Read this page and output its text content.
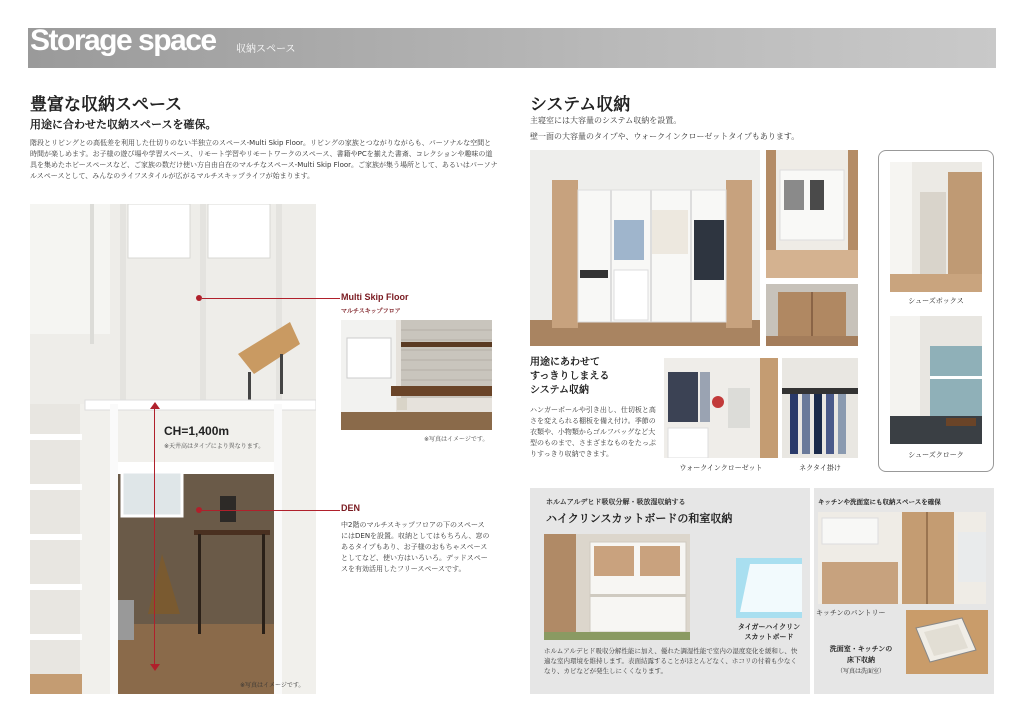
Storage space 収納スペース
豊富な収納スペース
用途に合わせた収納スペースを確保。
階段とリビングとの高低差を利用した仕切りのない半独立のスペース-Multi Skip Floor。リビングの家族とつながりながらも、パーソナルな空間と時間が楽しめます。お子様の遊び場や学習スペース、リモート学習やリモートワークのスペース、書籍やPCを揃えた書斎、コレクションや趣味の道具を集めたホビースペースなど、ご家族の数だけ使い方自由自在のマルチなスペース-Multi Skip Floor。ご家族が集う場所として、あるいはパーソナルスペースとして、みんなのライフスタイルが広がるマルチスキップライフが始まります。
CH=1,400m
※天井高はタイプにより異なります。
Multi Skip Floor
マルチスキップフロア
※写真はイメージです。
DEN
中2階のマルチスキップフロアの下のスペースにはDENを設置。収納としてはもちろん、窓のあるタイプもあり、お子様のおもちゃスペースとしてなど、使い方はいろいろ。デッドスペースを有効活用したフリースペースです。
※写真はイメージです。
システム収納
主寝室には大容量のシステム収納を設置。
壁一面の大容量のタイプや、ウォークインクローゼットタイプもあります。
シューズボックス
シューズクローク
用途にあわせて
すっきりしまえる
システム収納
ハンガーポールや引き出し、仕切板と高さを変えられる棚板を備え付け。季節の衣類や、小物類からゴルフバッグなど大型のものまで、さまざまなものをたっぷりすっきり収納できます。
ウォークインクローゼット	ネクタイ掛け
ホルムアルデヒド吸収分解・吸放湿収納する
ハイクリンスカットボードの和室収納
タイガーハイクリン
スカットボード
ホルムアルデヒド吸収分解性能に加え、優れた調湿性能で室内の湿度変化を緩和し、快適な室内環境を維持します。表面結露することがほとんどなく、ホコリの付着も少なくなり、カビなどが発生しにくくなります。
キッチンや洗面室にも収納スペースを確保
キッチンのパントリー
洗面室・キッチンの
床下収納
（写真は洗面室）
